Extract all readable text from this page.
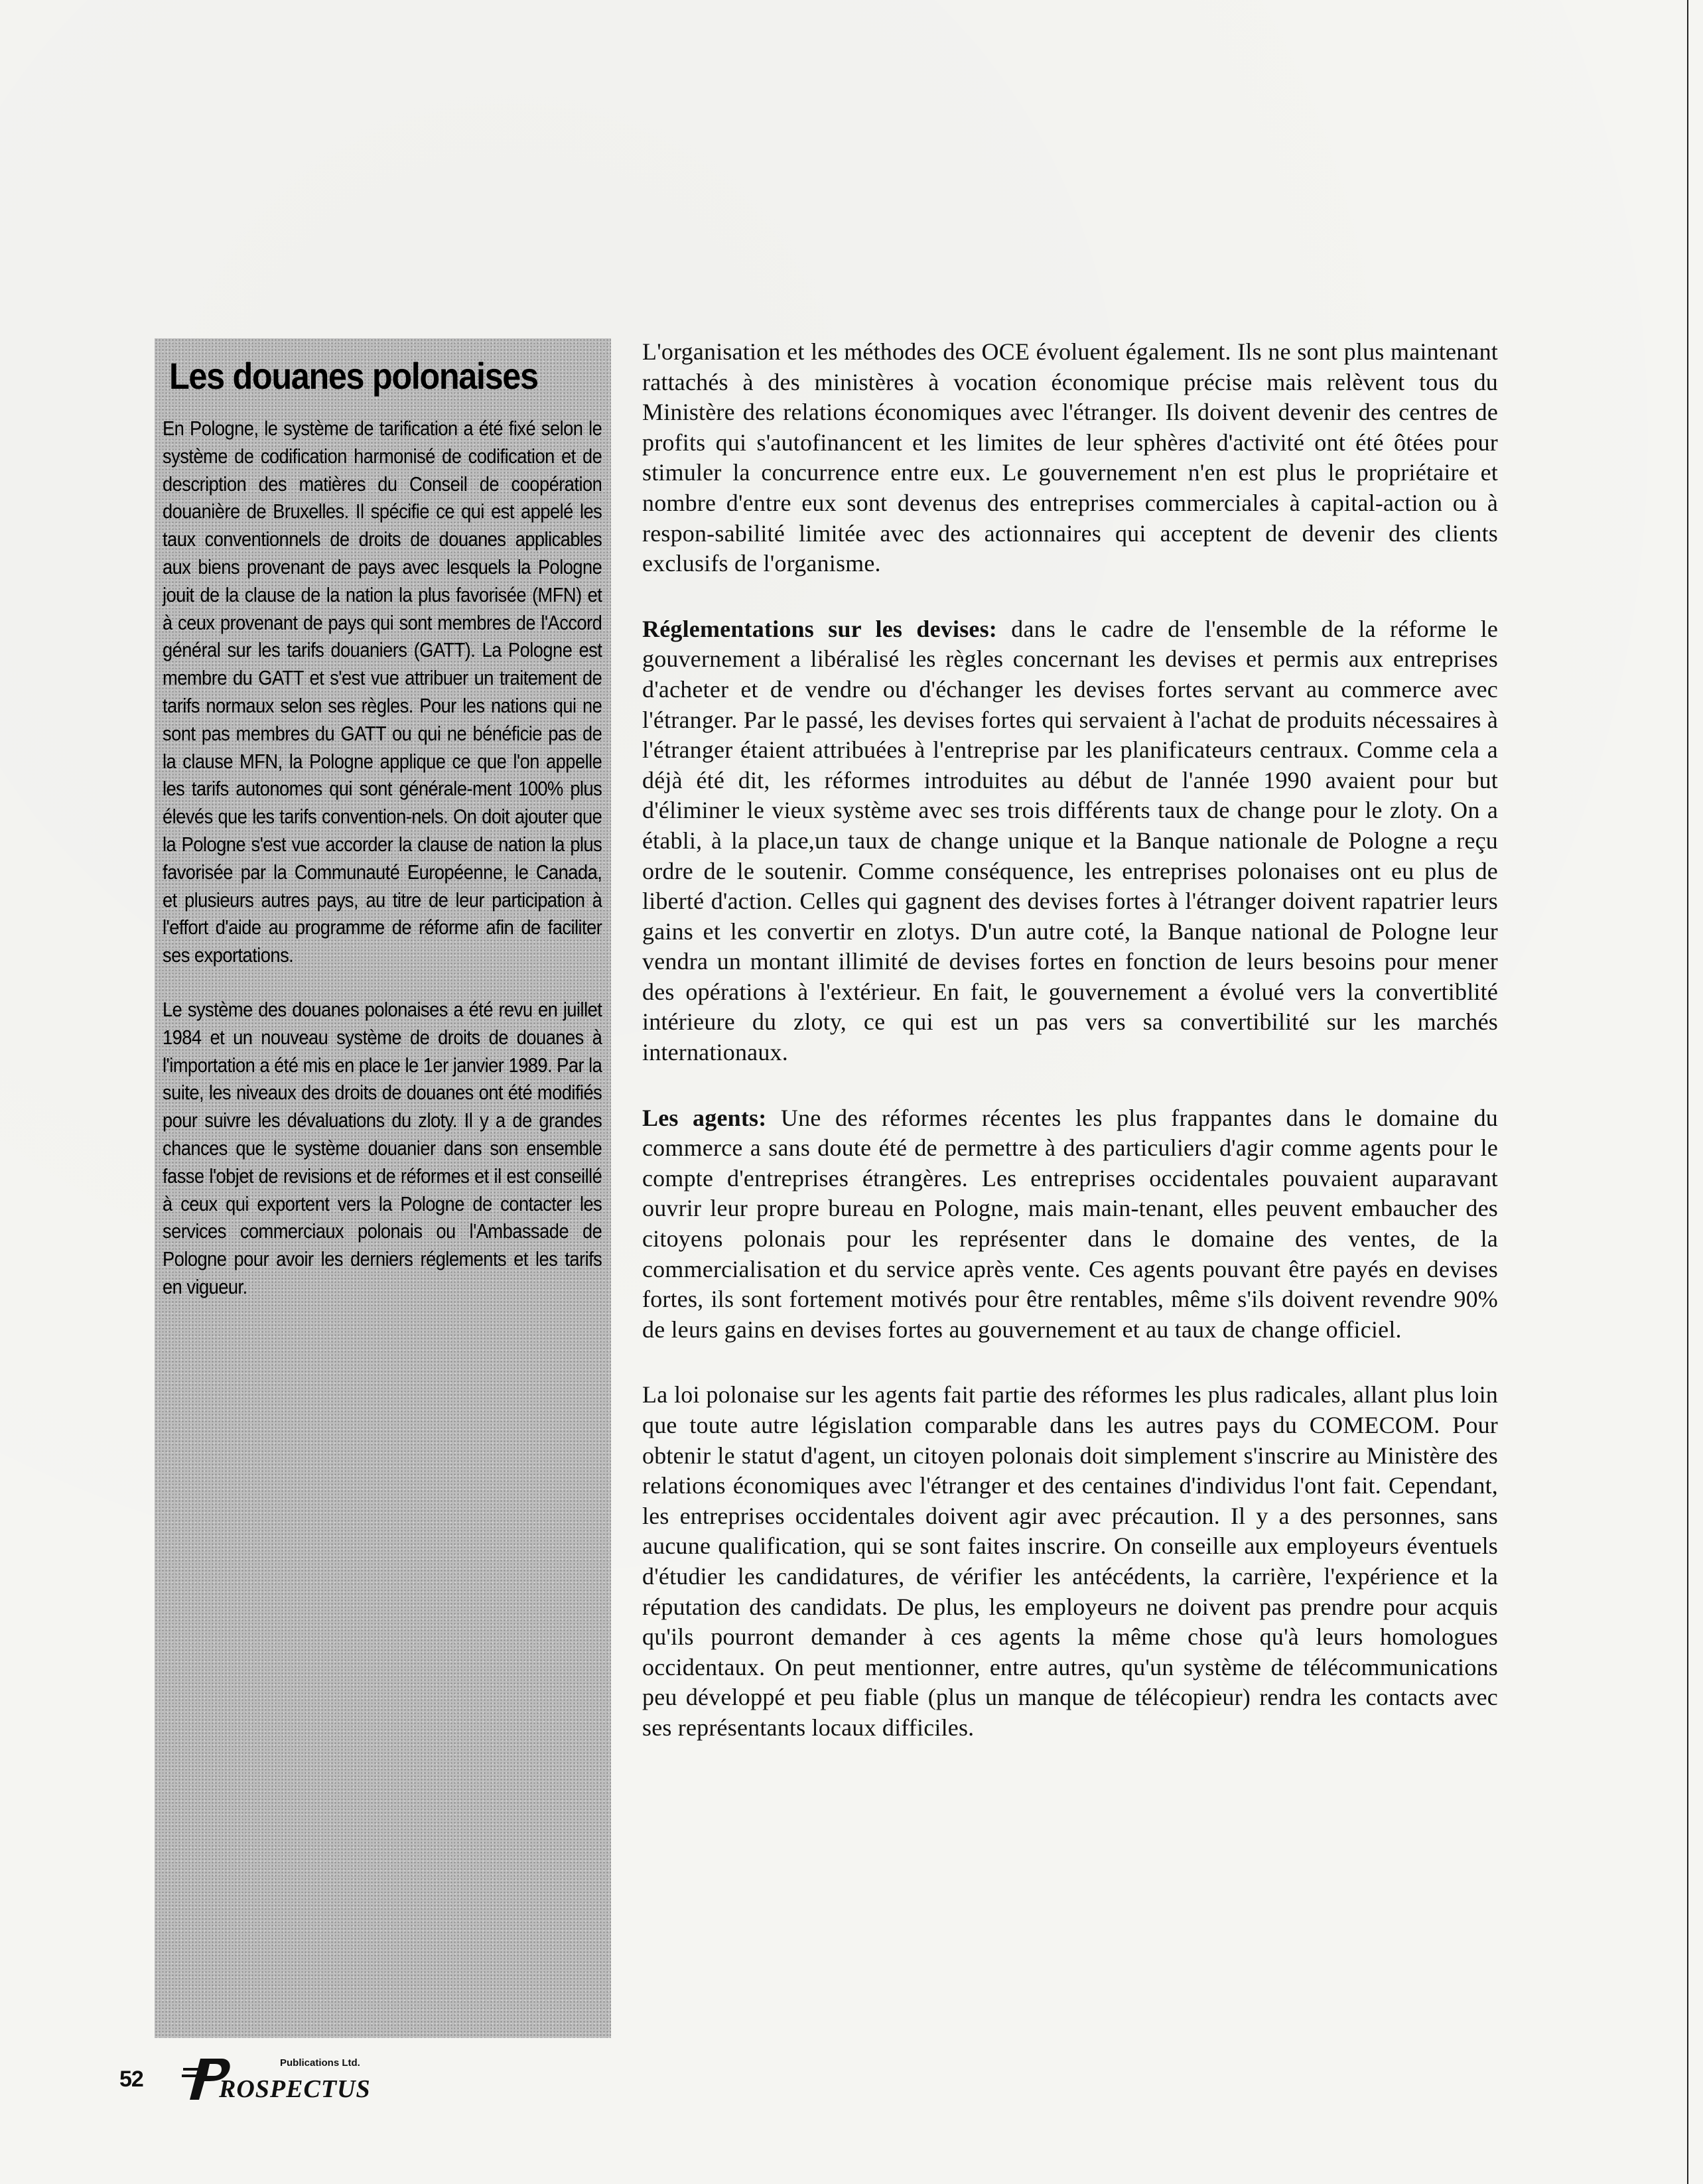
Les douanes polonaises

En Pologne, le système de tarification a été fixé selon le système de codification harmonisé de codification et de description des matières du Conseil de coopération douanière de Bruxelles. Il spécifie ce qui est appelé les taux conventionnels de droits de douanes applicables aux biens provenant de pays avec lesquels la Pologne jouit de la clause de la nation la plus favorisée (MFN) et à ceux provenant de pays qui sont membres de l'Accord général sur les tarifs douaniers (GATT). La Pologne est membre du GATT et s'est vue attribuer un traitement de tarifs normaux selon ses règles. Pour les nations qui ne sont pas membres du GATT ou qui ne bénéficie pas de la clause MFN, la Pologne applique ce que l'on appelle les tarifs autonomes qui sont générale-ment 100% plus élevés que les tarifs convention-nels. On doit ajouter que la Pologne s'est vue accorder la clause de nation la plus favorisée par la Communauté Européenne, le Canada, et plusieurs autres pays, au titre de leur participation à l'effort d'aide au programme de réforme afin de faciliter ses exportations.

Le système des douanes polonaises a été revu en juillet 1984 et un nouveau système de droits de douanes à l'importation a été mis en place le 1er janvier 1989. Par la suite, les niveaux des droits de douanes ont été modifiés pour suivre les dévaluations du zloty. Il y a de grandes chances que le système douanier dans son ensemble fasse l'objet de revisions et de réformes et il est conseillé à ceux qui exportent vers la Pologne de contacter les services commerciaux polonais ou l'Ambassade de Pologne pour avoir les derniers réglements et les tarifs en vigueur.

L'organisation et les méthodes des OCE évoluent également. Ils ne sont plus maintenant rattachés à des ministères à vocation économique précise mais relèvent tous du Ministère des relations économiques avec l'étranger. Ils doivent devenir des centres de profits qui s'autofinancent et les limites de leur sphères d'activité ont été ôtées pour stimuler la concurrence entre eux. Le gouvernement n'en est plus le propriétaire et nombre d'entre eux sont devenus des entreprises commerciales à capital-action ou à respon-sabilité limitée avec des actionnaires qui acceptent de devenir des clients exclusifs de l'organisme.

Réglementations sur les devises: dans le cadre de l'ensemble de la réforme le gouvernement a libéralisé les règles concernant les devises et permis aux entreprises d'acheter et de vendre ou d'échanger les devises fortes servant au commerce avec l'étranger. Par le passé, les devises fortes qui servaient à l'achat de produits nécessaires à l'étranger étaient attribuées à l'entreprise par les planificateurs centraux. Comme cela a déjà été dit, les réformes introduites au début de l'année 1990 avaient pour but d'éliminer le vieux système avec ses trois différents taux de change pour le zloty. On a établi, à la place,un taux de change unique et la Banque nationale de Pologne a reçu ordre de le soutenir. Comme conséquence, les entreprises polonaises ont eu plus de liberté d'action. Celles qui gagnent des devises fortes à l'étranger doivent rapatrier leurs gains et les convertir en zlotys. D'un autre coté, la Banque national de Pologne leur vendra un montant illimité de devises fortes en fonction de leurs besoins pour mener des opérations à l'extérieur. En fait, le gouvernement a évolué vers la convertiblité intérieure du zloty, ce qui est un pas vers sa convertibilité sur les marchés internationaux.

Les agents: Une des réformes récentes les plus frappantes dans le domaine du commerce a sans doute été de permettre à des particuliers d'agir comme agents pour le compte d'entreprises étrangères. Les entreprises occidentales pouvaient auparavant ouvrir leur propre bureau en Pologne, mais main-tenant, elles peuvent embaucher des citoyens polonais pour les représenter dans le domaine des ventes, de la commercialisation et du service après vente. Ces agents pouvant être payés en devises fortes, ils sont fortement motivés pour être rentables, même s'ils doivent revendre 90% de leurs gains en devises fortes au gouvernement et au taux de change officiel.

La loi polonaise sur les agents fait partie des réformes les plus radicales, allant plus loin que toute autre législation comparable dans les autres pays du COMECOM. Pour obtenir le statut d'agent, un citoyen polonais doit simplement s'inscrire au Ministère des relations économiques avec l'étranger et des centaines d'individus l'ont fait. Cependant, les entreprises occidentales doivent agir avec précaution. Il y a des personnes, sans aucune qualification, qui se sont faites inscrire. On conseille aux employeurs éventuels d'étudier les candidatures, de vérifier les antécédents, la carrière, l'expérience et la réputation des candidats. De plus, les employeurs ne doivent pas prendre pour acquis qu'ils pourront demander à ces agents la même chose qu'à leurs homologues occidentaux. On peut mentionner, entre autres, qu'un système de télécommunications peu développé et peu fiable (plus un manque de télécopieur) rendra les contacts avec ses représentants locaux difficiles.

52
Publications Ltd.
ROSPECTUS
